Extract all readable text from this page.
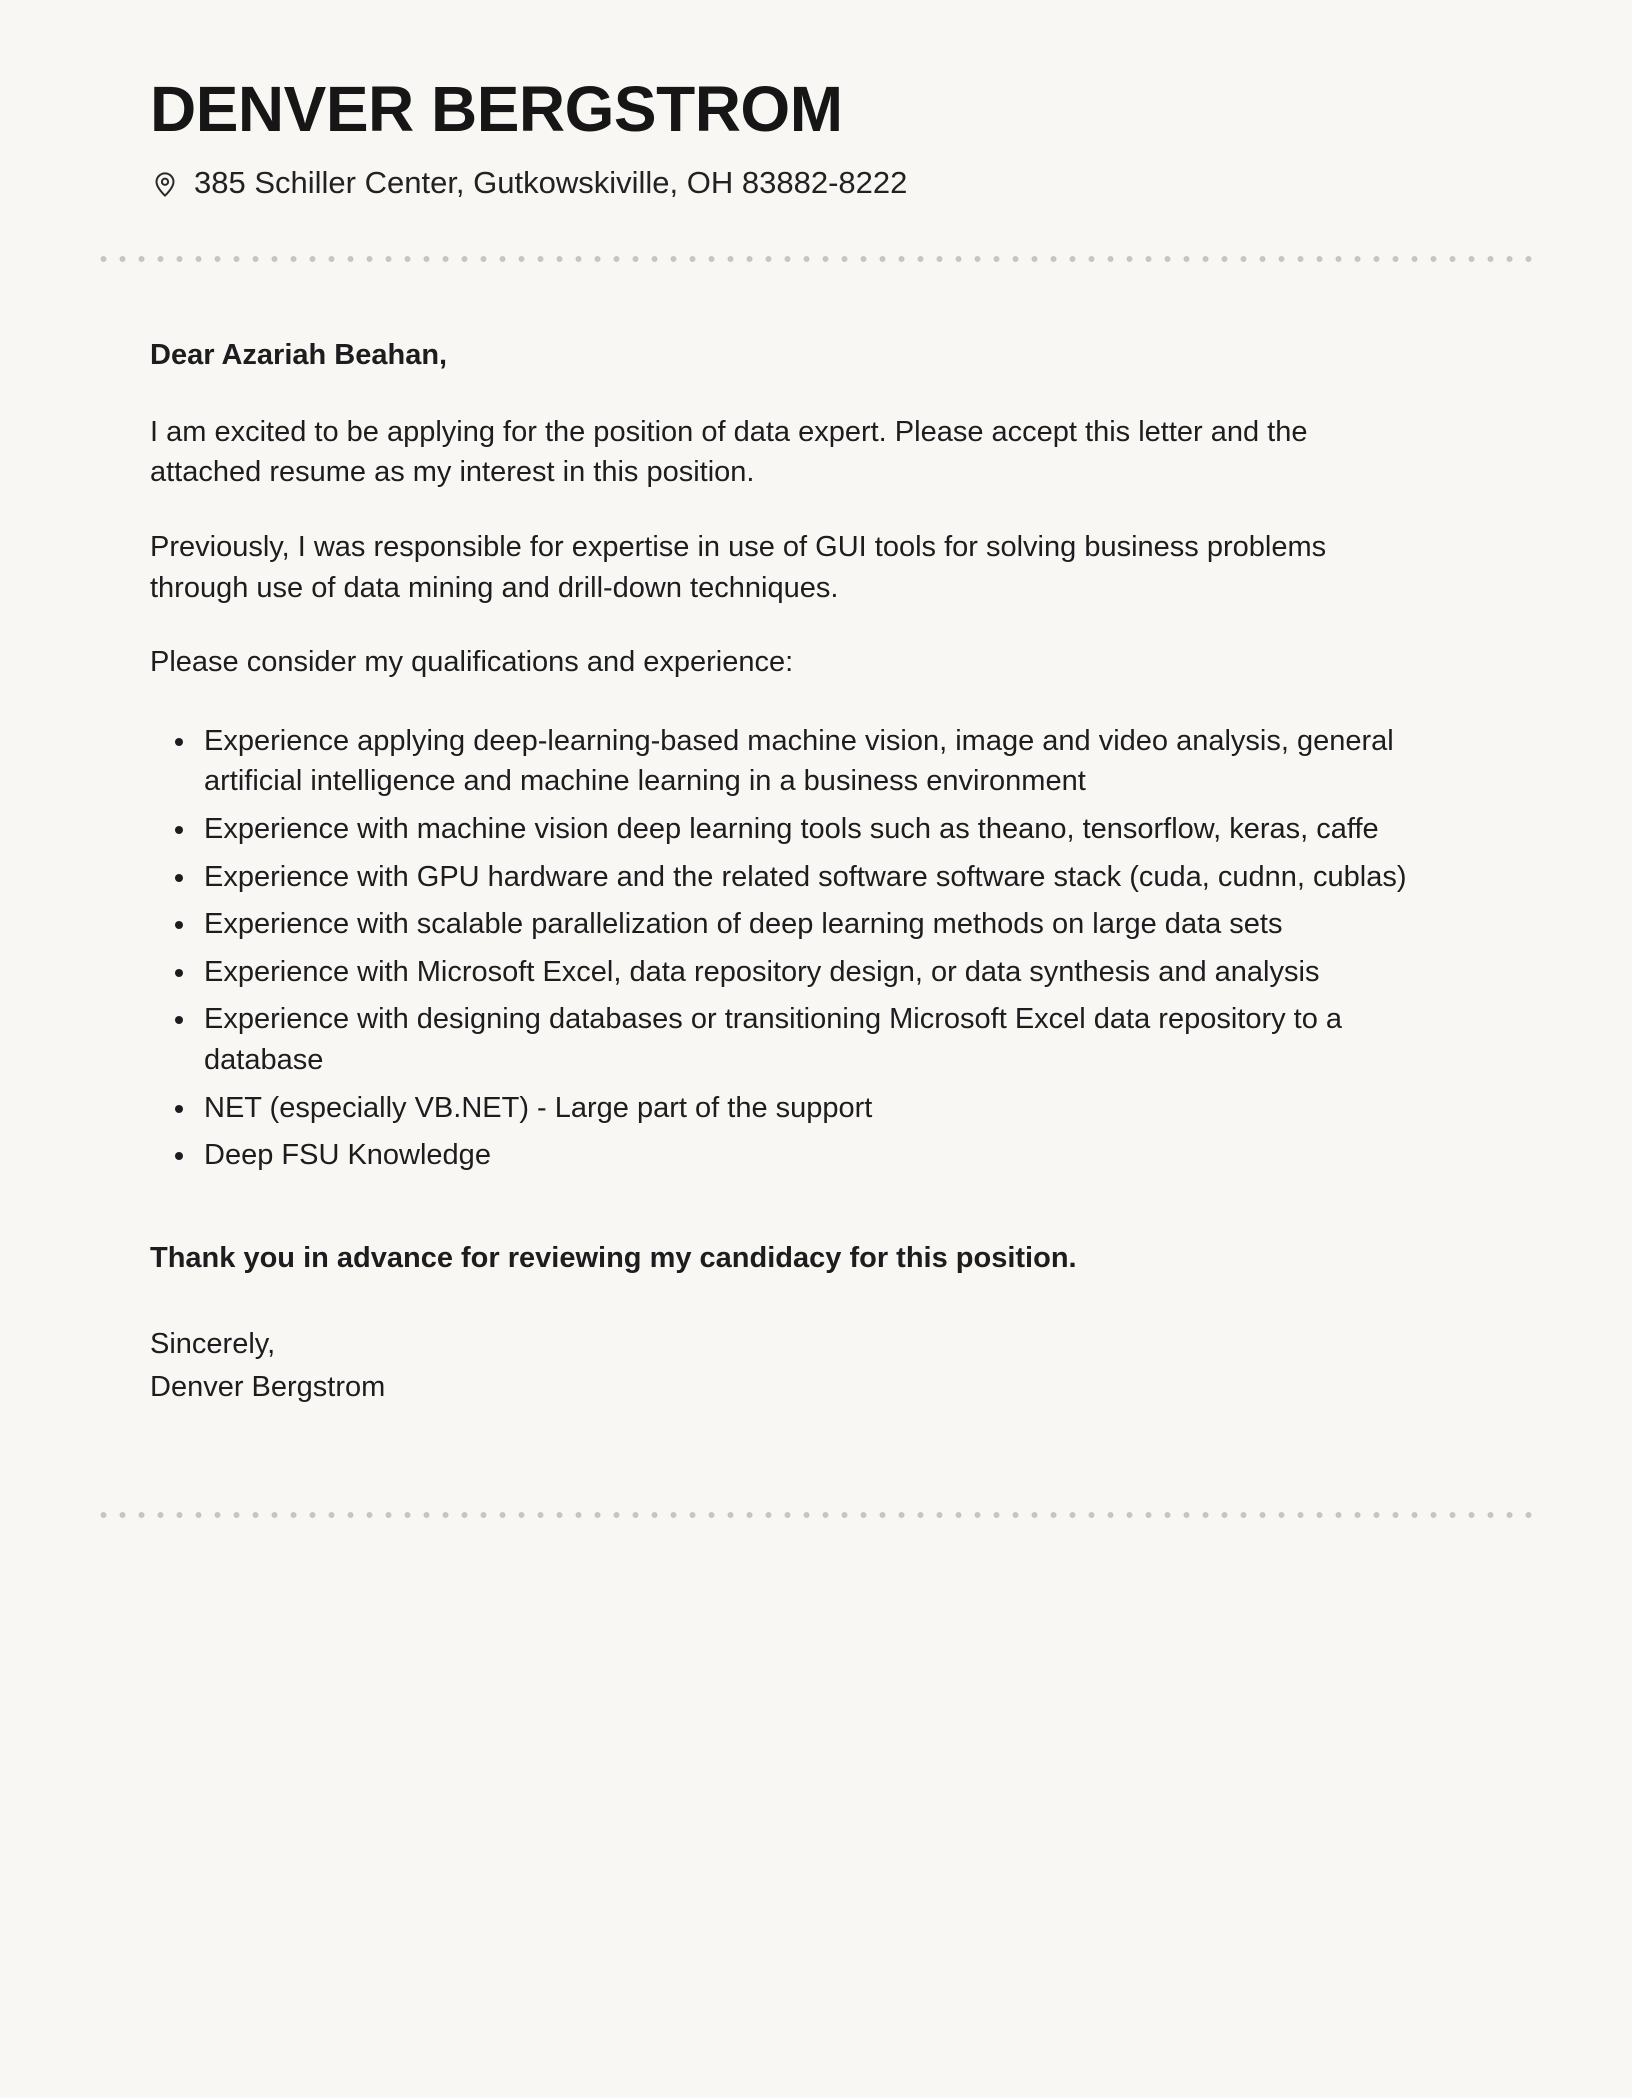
DENVER BERGSTROM
385 Schiller Center, Gutkowskiville, OH 83882-8222

Dear Azariah Beahan,

I am excited to be applying for the position of data expert. Please accept this letter and the attached resume as my interest in this position.

Previously, I was responsible for expertise in use of GUI tools for solving business problems through use of data mining and drill-down techniques.

Please consider my qualifications and experience:

• Experience applying deep-learning-based machine vision, image and video analysis, general artificial intelligence and machine learning in a business environment
• Experience with machine vision deep learning tools such as theano, tensorflow, keras, caffe
• Experience with GPU hardware and the related software software stack (cuda, cudnn, cublas)
• Experience with scalable parallelization of deep learning methods on large data sets
• Experience with Microsoft Excel, data repository design, or data synthesis and analysis
• Experience with designing databases or transitioning Microsoft Excel data repository to a database
• NET (especially VB.NET) - Large part of the support
• Deep FSU Knowledge

Thank you in advance for reviewing my candidacy for this position.

Sincerely,

Denver Bergstrom
